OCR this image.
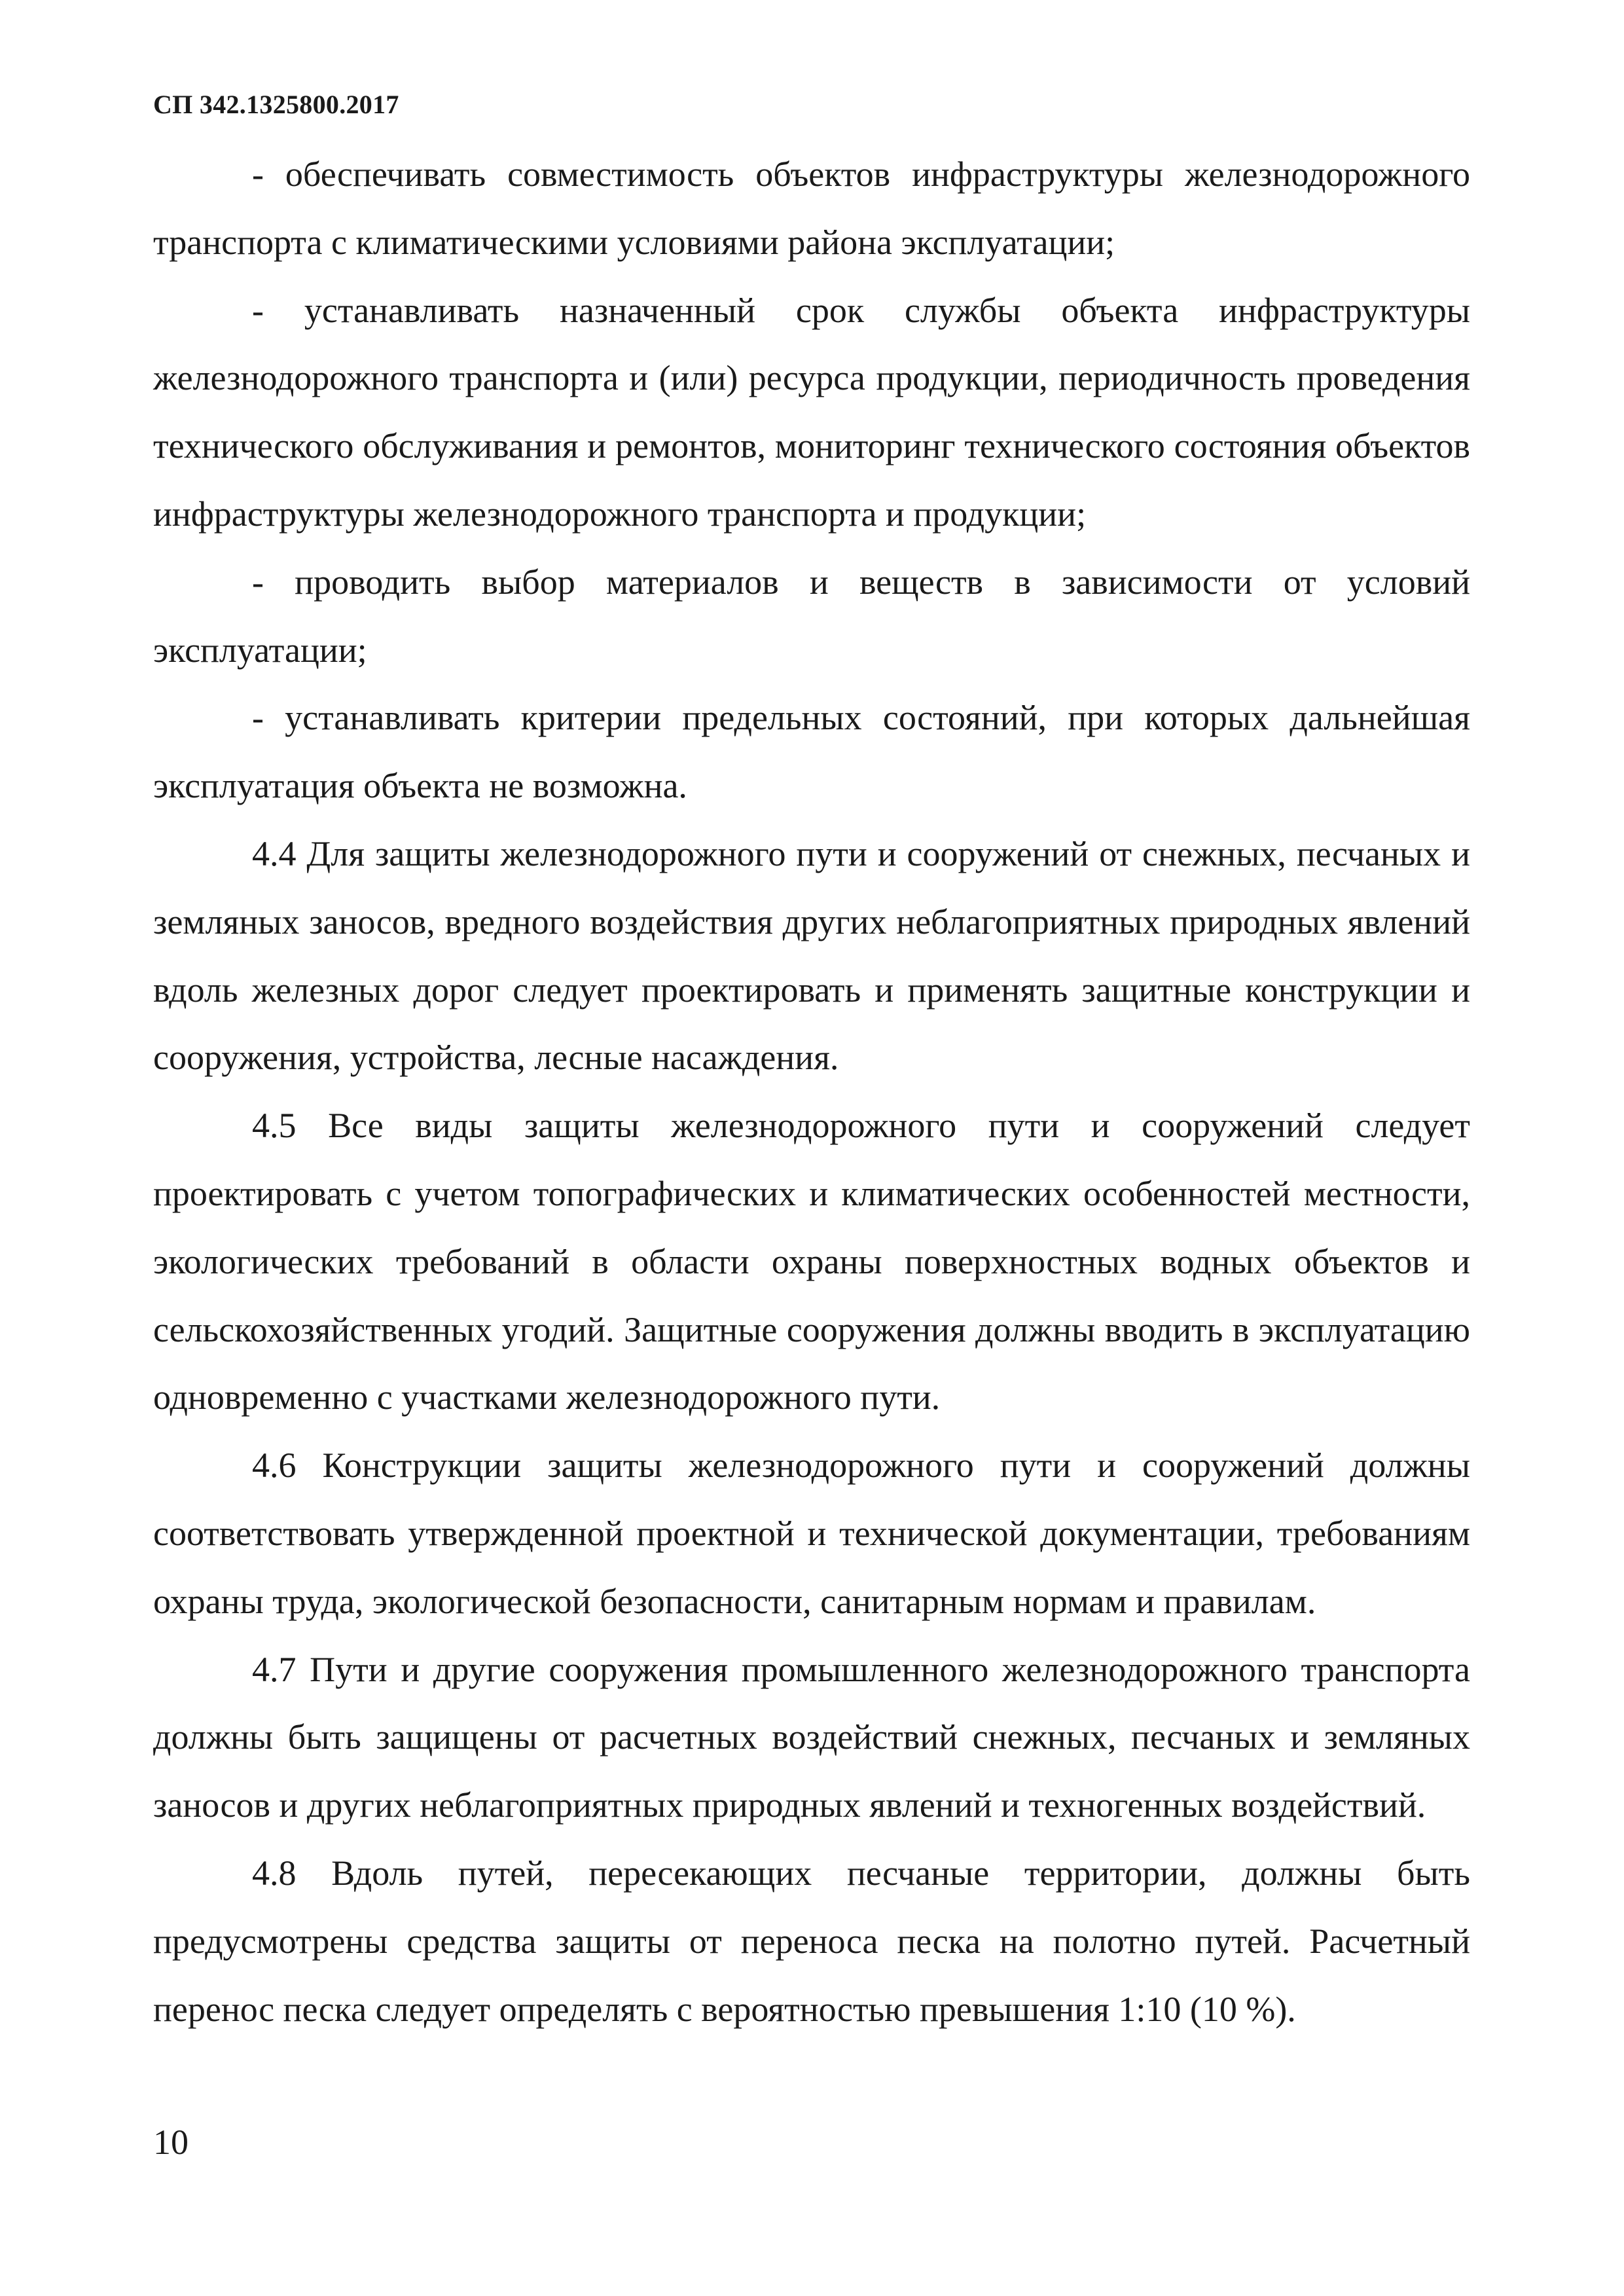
СП 342.1325800.2017

- обеспечивать совместимость объектов инфраструктуры железнодорожного транспорта с климатическими условиями района эксплуатации;

- устанавливать назначенный срок службы объекта инфраструктуры железнодорожного транспорта и (или) ресурса продукции, периодичность проведения технического обслуживания и ремонтов, мониторинг технического состояния объектов инфраструктуры железнодорожного транспорта и продукции;

- проводить выбор материалов и веществ в зависимости от условий эксплуатации;

- устанавливать критерии предельных состояний, при которых дальнейшая эксплуатация объекта не возможна.

4.4 Для защиты железнодорожного пути и сооружений от снежных, песчаных и земляных заносов, вредного воздействия других неблагоприятных природных явлений вдоль железных дорог следует проектировать и применять защитные конструкции и сооружения, устройства, лесные насаждения.

4.5 Все виды защиты железнодорожного пути и сооружений следует проектировать с учетом топографических и климатических особенностей местности, экологических требований в области охраны поверхностных водных объектов и сельскохозяйственных угодий. Защитные сооружения должны вводить в эксплуатацию одновременно с участками железнодорожного пути.

4.6 Конструкции защиты железнодорожного пути и сооружений должны соответствовать утвержденной проектной и технической документации, требованиям охраны труда, экологической безопасности, санитарным нормам и правилам.

4.7 Пути и другие сооружения промышленного железнодорожного транспорта должны быть защищены от расчетных воздействий снежных, песчаных и земляных заносов и других неблагоприятных природных явлений и техногенных воздействий.

4.8 Вдоль путей, пересекающих песчаные территории, должны быть предусмотрены средства защиты от переноса песка на полотно путей. Расчетный перенос песка следует определять с вероятностью превышения 1:10 (10 %).

10
